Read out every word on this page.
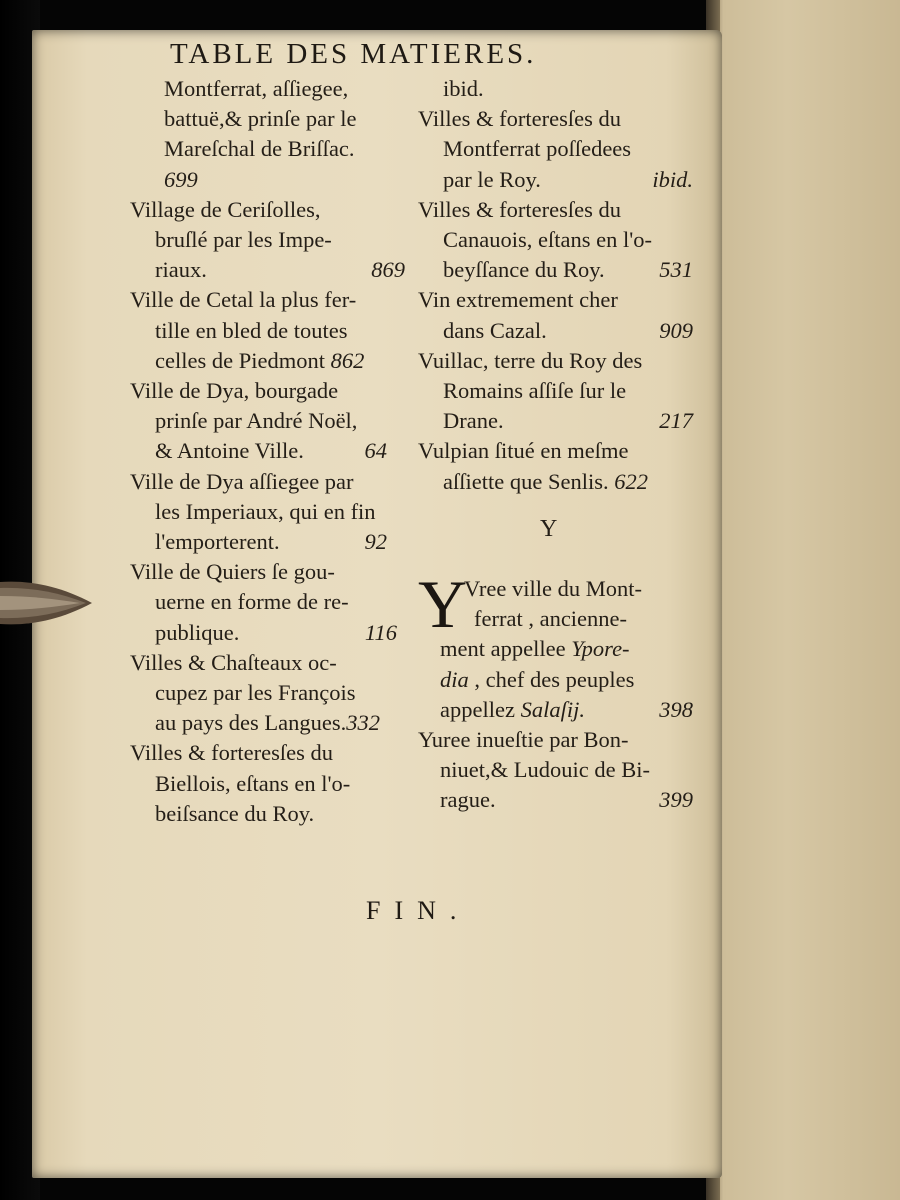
TABLE DES MATIERES.
Montferrat, aſſiegee,
battuë,& prinſe par le
Mareſchal de Briſſac.
699
Village de Ceriſolles,
bruſlé par les Impe-
riaux.	869
Ville de Cetal la plus fer-
tille en bled de toutes
celles de Piedmont 862
Ville de Dya, bourgade
prinſe par André Noël,
& Antoine Ville.	64
Ville de Dya aſſiegee par
les Imperiaux, qui en fin
l'emporterent.	92
Ville de Quiers ſe gou-
uerne en forme de re-
publique.	116
Villes & Chaſteaux oc-
cupez par les François
au pays des Langues.332
Villes & forteresſes du
Biellois, eſtans en l'o-
beiſsance du Roy.
ibid.
Villes & forteresſes du
Montferrat poſſedees
par le Roy.	ibid.
Villes & forteresſes du
Canauois, eſtans en l'o-
beyſſance du Roy. 531
Vin extremement cher
dans Cazal.	909
Vuillac, terre du Roy des
Romains aſſiſe ſur le
Drane.	217
Vulpian ſitué en meſme
aſſiette que Senlis. 622
Y
Y
Vree ville du Mont-
ferrat , ancienne-
ment appellee Ypore-
dia , chef des peuples
appellez Salaſij.	398
Yuree inueſtie par Bon-
niuet,& Ludouic de Bi-
rague.	399
FIN.
